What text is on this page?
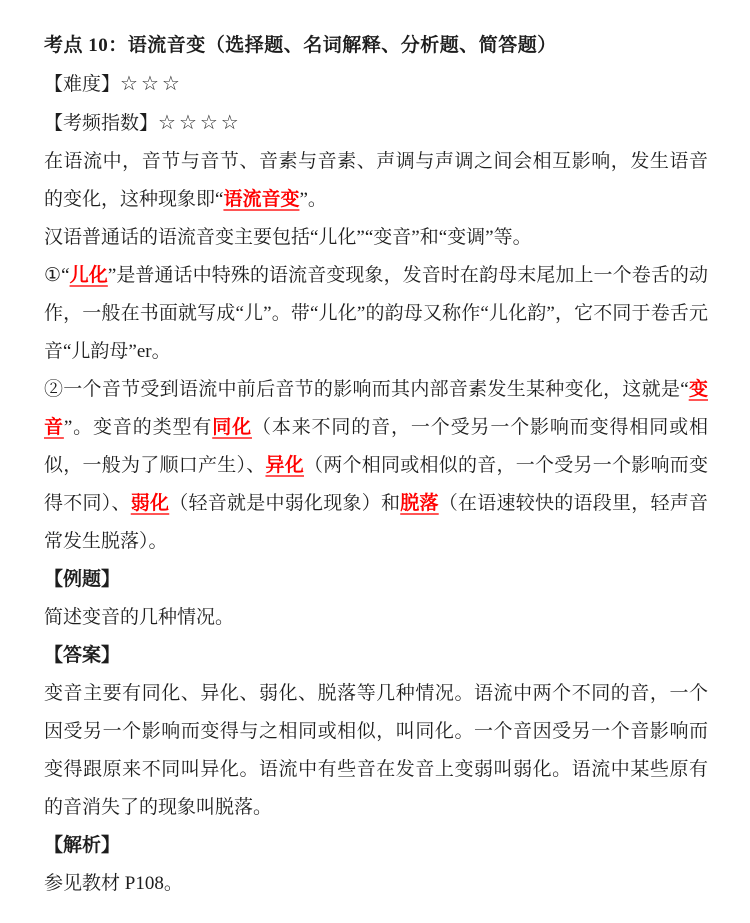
考点 10：语流音变（选择题、名词解释、分析题、简答题）

【难度】☆☆☆

【考频指数】☆☆☆☆

在语流中，音节与音节、音素与音素、声调与声调之间会相互影响，发生语音的变化，这种现象即“语流音变”。

汉语普通话的语流音变主要包括“儿化”“变音”和“变调”等。

①“儿化”是普通话中特殊的语流音变现象，发音时在韵母末尾加上一个卷舌的动作，一般在书面就写成“儿”。带“儿化”的韵母又称作“儿化韵”，它不同于卷舌元音“儿韵母”er。

②一个音节受到语流中前后音节的影响而其内部音素发生某种变化，这就是“变音”。变音的类型有同化（本来不同的音，一个受另一个影响而变得相同或相似，一般为了顺口产生）、异化（两个相同或相似的音，一个受另一个影响而变得不同）、弱化（轻音就是中弱化现象）和脱落（在语速较快的语段里，轻声音常发生脱落）。

【例题】

简述变音的几种情况。

【答案】

变音主要有同化、异化、弱化、脱落等几种情况。语流中两个不同的音，一个因受另一个影响而变得与之相同或相似，叫同化。一个音因受另一个音影响而变得跟原来不同叫异化。语流中有些音在发音上变弱叫弱化。语流中某些原有的音消失了的现象叫脱落。

【解析】

参见教材 P108。
